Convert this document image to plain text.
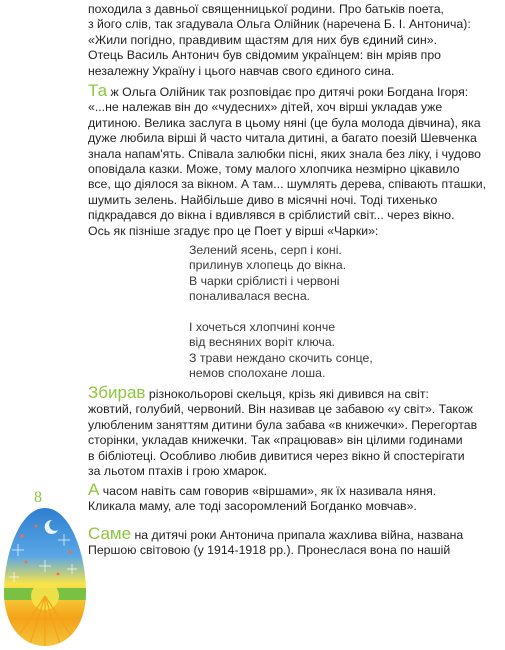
походила з давньої священницької родини. Про батьків поета,

з його слів, так згадувала Ольга Олійник (наречена Б. І. Антонича):

«Жили погідно, правдивим щастям для них був єдиний син».

Отець Василь Антонич був свідомим українцем: він мріяв про

незалежну Україну і цього навчав свого єдиного сина.

Та ж Ольга Олійник так розповідає про дитячі роки Богдана Ігоря:

«...не належав він до «чудесних» дітей, хоч вірші укладав уже

дитиною. Велика заслуга в цьому няні (це була молода дівчина), яка

дуже любила вірші й часто читала дитині, а багато поезій Шевченка

знала напам'ять. Співала залюбки пісні, яких знала без ліку, і чудово

оповідала казки. Може, тому малого хлопчика незмірно цікавило

все, що діялося за вікном. А там... шумлять дерева, співають пташки,

шумить зелень. Найбільше диво в місячні ночі. Тоді тихенько

підкрадався до вікна і вдивлявся в сріблистий світ... через вікно.

Ось як пізніше згадує про це Поет у вірші «Чарки»:

Зелений ясень, серп і коні.
прилинув хлопець до вікна.
В чарки сріблисті і червоні
поналивалася весна.
І хочеться хлопчині конче
від весняних воріт ключа.
З трави нежданo скочить сонце,
немов сполохане лоша.

Збирав різнокольорові скельця, крізь які дивився на світ:

жовтий, голубий, червоний. Він називав це забавою «у світ». Також

улюбленим заняттям дитини була забава «в книжечки». Перегортав

сторінки, укладав книжечки. Так «працював» він цілими годинами

в бібліотеці. Особливо любив дивитися через вікно й спостерігати

за льотом птахів і грою хмарок.

8	А часом навіть сам говорив «віршами», як їх називала няня.

Кликала маму, але тоді засоромлений Богданко мовчав».

Саме на дитячі роки Антонича припала жахлива війна, названа

Першою світовою (у 1914-1918 рр.). Пронеслася вона по нашій
